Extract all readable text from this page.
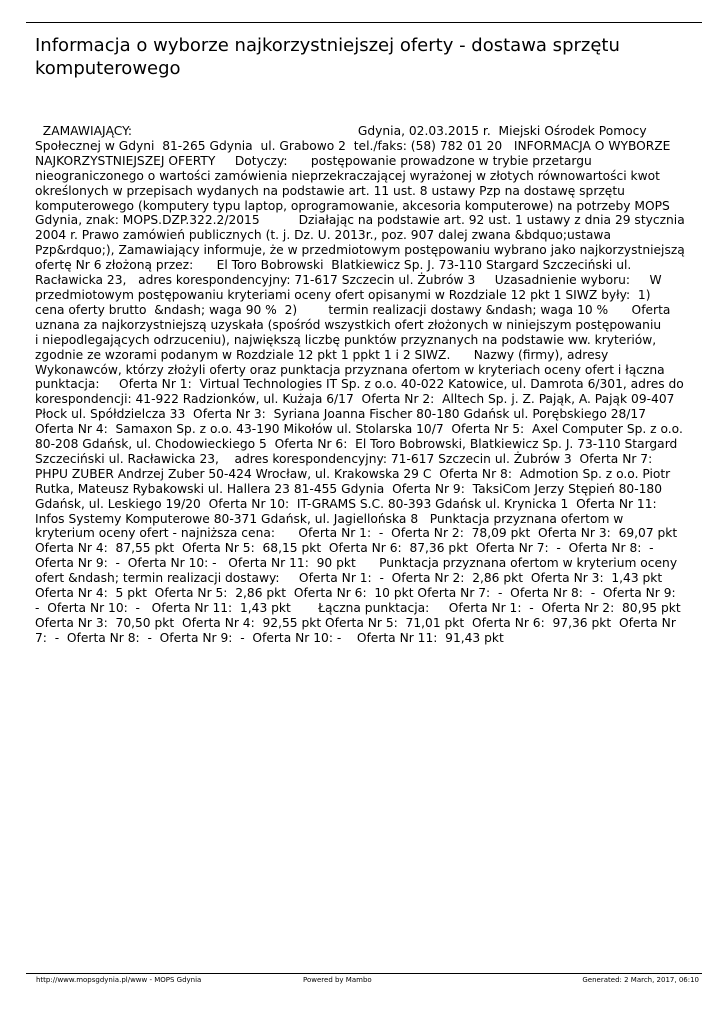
Informacja o wyborze najkorzystniejszej oferty - dostawa sprzętu komputerowego
ZAMAWIAJĄCY:                                                          Gdynia, 02.03.2015 r.  Miejski Ośrodek Pomocy Społecznej w Gdyni  81-265 Gdynia  ul. Grabowo 2  tel./faks: (58) 782 01 20   INFORMACJA O WYBORZE NAJKORZYSTNIEJSZEJ OFERTY     Dotyczy:      postępowanie prowadzone w trybie przetargu nieograniczonego o wartości zamówienia nieprzekraczającej wyrażonej w złotych równowartości kwot określonych w przepisach wydanych na podstawie art. 11 ust. 8 ustawy Pzp na dostawę sprzętu komputerowego (komputery typu laptop, oprogramowanie, akcesoria komputerowe) na potrzeby MOPS Gdynia, znak: MOPS.DZP.322.2/2015          Działając na podstawie art. 92 ust. 1 ustawy z dnia 29 stycznia 2004 r. Prawo zamówień publicznych (t. j. Dz. U. 2013r., poz. 907 dalej zwana &bdquo;ustawa Pzp&rdquo;), Zamawiający informuje, że w przedmiotowym postępowaniu wybrano jako najkorzystniejszą ofertę Nr 6 złożoną przez:      El Toro Bobrowski  Blatkiewicz Sp. J. 73-110 Stargard Szczeciński ul. Racławicka 23,   adres korespondencyjny: 71-617 Szczecin ul. Żubrów 3     Uzasadnienie wyboru:     W przedmiotowym postępowaniu kryteriami oceny ofert opisanymi w Rozdziale 12 pkt 1 SIWZ były:  1)        cena oferty brutto  &ndash; waga 90 %  2)        termin realizacji dostawy &ndash; waga 10 %      Oferta uznana za najkorzystniejszą uzyskała (spośród wszystkich ofert złożonych w niniejszym postępowaniu       i niepodlegających odrzuceniu), największą liczbę punktów przyznanych na podstawie ww. kryteriów, zgodnie ze wzorami podanym w Rozdziale 12 pkt 1 ppkt 1 i 2 SIWZ.      Nazwy (firmy), adresy Wykonawców, którzy złożyli oferty oraz punktacja przyznana ofertom w kryteriach oceny ofert i łączna punktacja:     Oferta Nr 1:  Virtual Technologies IT Sp. z o.o. 40-022 Katowice, ul. Damrota 6/301, adres do korespondencji: 41-922 Radzionków, ul. Kużaja 6/17  Oferta Nr 2:  Alltech Sp. j. Z. Pająk, A. Pająk 09-407 Płock ul. Spółdzielcza 33  Oferta Nr 3:  Syriana Joanna Fischer 80-180 Gdańsk ul. Porębskiego 28/17  Oferta Nr 4:  Samaxon Sp. z o.o. 43-190 Mikołów ul. Stolarska 10/7  Oferta Nr 5:  Axel Computer Sp. z o.o. 80-208 Gdańsk, ul. Chodowieckiego 5  Oferta Nr 6:  El Toro Bobrowski, Blatkiewicz Sp. J. 73-110 Stargard Szczeciński ul. Racławicka 23,    adres korespondencyjny: 71-617 Szczecin ul. Żubrów 3  Oferta Nr 7:  PHPU ZUBER Andrzej Zuber 50-424 Wrocław, ul. Krakowska 29 C  Oferta Nr 8:  Admotion Sp. z o.o. Piotr Rutka, Mateusz Rybakowski ul. Hallera 23 81-455 Gdynia  Oferta Nr 9:  TaksiCom Jerzy Stępień 80-180 Gdańsk, ul. Leskiego 19/20  Oferta Nr 10:  IT-GRAMS S.C. 80-393 Gdańsk ul. Krynicka 1  Oferta Nr 11:  Infos Systemy Komputerowe 80-371 Gdańsk, ul. Jagiellońska 8   Punktacja przyznana ofertom w kryterium oceny ofert - najniższa cena:      Oferta Nr 1:  -  Oferta Nr 2:  78,09 pkt  Oferta Nr 3:  69,07 pkt  Oferta Nr 4:  87,55 pkt  Oferta Nr 5:  68,15 pkt  Oferta Nr 6:  87,36 pkt  Oferta Nr 7:  -  Oferta Nr 8:  -  Oferta Nr 9:  -  Oferta Nr 10: -   Oferta Nr 11:  90 pkt      Punktacja przyznana ofertom w kryterium oceny ofert &ndash; termin realizacji dostawy:     Oferta Nr 1:  -  Oferta Nr 2:  2,86 pkt  Oferta Nr 3:  1,43 pkt  Oferta Nr 4:  5 pkt  Oferta Nr 5:  2,86 pkt  Oferta Nr 6:  10 pkt Oferta Nr 7:  -  Oferta Nr 8:  -  Oferta Nr 9:  -  Oferta Nr 10:  -   Oferta Nr 11:  1,43 pkt       Łączna punktacja:     Oferta Nr 1:  -  Oferta Nr 2:  80,95 pkt  Oferta Nr 3:  70,50 pkt  Oferta Nr 4:  92,55 pkt Oferta Nr 5:  71,01 pkt  Oferta Nr 6:  97,36 pkt  Oferta Nr 7:  -  Oferta Nr 8:  -  Oferta Nr 9:  -  Oferta Nr 10: -    Oferta Nr 11:  91,43 pkt
http://www.mopsgdynia.pl/www - MOPS Gdynia	Powered by Mambo	Generated: 2 March, 2017, 06:10
